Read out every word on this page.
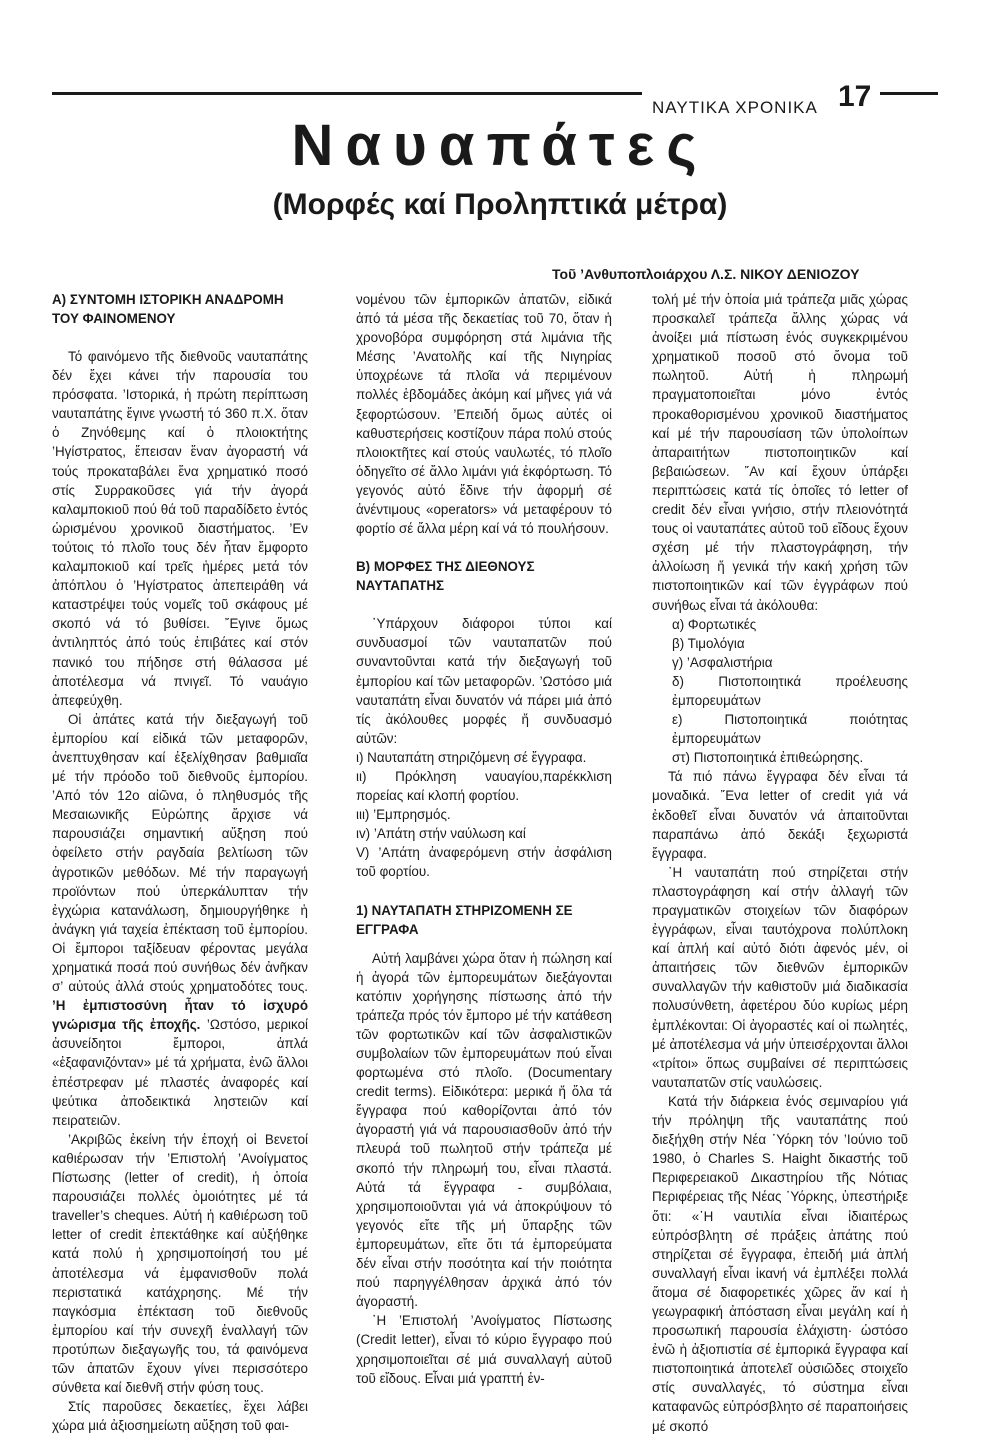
ΝΑΥΤΙΚΑ ΧΡΟΝΙΚΑ 17
Ναυαπάτες
(Μορφές καί Προληπτικά μέτρα)
Τοῦ ’Ανθυποπλοιάρχου Λ.Σ. ΝΙΚΟΥ ΔΕΝΙΟΖΟΥ
Α) ΣΥΝΤΟΜΗ ΙΣΤΟΡΙΚΗ ΑΝΑΔΡΟΜΗ ΤΟΥ ΦΑΙΝΟΜΕΝΟΥ

Τό φαινόμενο τῆς διεθνοῦς ναυταπάτης δέν ἔχει κάνει τήν παρουσία του πρόσφατα. ’Ιστορικά, ἡ πρώτη περίπτωση ναυταπάτης ἔγινε γνωστή τό 360 π.Χ. ὅταν ὁ Ζηνόθεμης καί ὁ πλοιοκτήτης ’Ηγίστρατος, ἔπεισαν ἕναν ἀγοραστή νά τούς προκαταβάλει ἕνα χρηματικό ποσό στίς Συρρακοῦσες γιά τήν ἀγορά καλαμποκιοῦ πού θά τοῦ παραδίδετο ἐντός ὡρισμένου χρονικοῦ διαστήματος. ’Εν τούτοις τό πλοῖο τους δέν ἦταν ἔμφορτο καλαμποκιοῦ καί τρεῖς ἡμέρες μετά τόν ἀπόπλου ὁ ’Ηγίστρατος ἀπεπειράθη νά καταστρέψει τούς νομεῖς τοῦ σκάφους μέ σκοπό νά τό βυθίσει. ῎Εγινε ὅμως ἀντιληπτός ἀπό τούς ἐπιβάτες καί στόν πανικό του πήδησε στή θάλασσα μέ ἀποτέλεσμα νά πνιγεῖ. Τό ναυάγιο ἀπεφεύχθη.

Οἱ ἀπάτες κατά τήν διεξαγωγή τοῦ ἐμπορίου καί εἰδικά τῶν μεταφορῶν, ἀνεπτυχθησαν καί ἐξελίχθησαν βαθμιαῖα μέ τήν πρόοδο τοῦ διεθνοῦς ἐμπορίου. ’Από τόν 12ο αἰῶνα, ὁ πληθυσμός τῆς Μεσαιωνικῆς Εὐρώπης ἄρχισε νά παρουσιάζει σημαντική αὔξηση πού ὀφείλετο στήν ραγδαία βελτίωση τῶν ἀγροτικῶν μεθόδων. Μέ τήν παραγωγή προϊόντων πού ὑπερκάλυπταν τήν ἐγχώρια κατανάλωση, δημιουργήθηκε ἡ ἀνάγκη γιά ταχεία ἐπέκταση τοῦ ἐμπορίου. Οἱ ἔμποροι ταξίδευαν φέροντας μεγάλα χρηματικά ποσά πού συνήθως δέν ἀνῆκαν σ’ αὐτούς ἀλλά στούς χρηματοδότες τους. ’Η ἐμπιστοσύνη ἦταν τό ἰσχυρό γνώρισμα τῆς ἐποχῆς. ’Ωστόσο, μερικοί ἀσυνείδητοι ἔμποροι, ἀπλά «ἐξαφανιζόνταν» μέ τά χρήματα, ἐνῶ ἄλλοι ἐπέστρεφαν μέ πλαστές ἀναφορές καί ψεύτικα ἀποδεικτικά ληστειῶν καί πειρατειῶν.

’Ακριβῶς ἐκείνη τήν ἐποχή οἱ Βενετοί καθιέρωσαν τήν ’Επιστολή ’Ανοίγματος Πίστωσης (letter of credit), ἡ ὁποία παρουσιάζει πολλές ὁμοιότητες μέ τά traveller’s cheques. Αὐτή ἡ καθιέρωση τοῦ letter of credit ἐπεκτάθηκε καί αὐξήθηκε κατά πολύ ἡ χρησιμοποίησή του μέ ἀποτέλεσμα νά ἐμφανισθοῦν πολά περιστατικά κατάχρησης. Μέ τήν παγκόσμια ἐπέκταση τοῦ διεθνοῦς ἐμπορίου καί τήν συνεχῆ ἐναλλαγή τῶν προτύπων διεξαγωγῆς του, τά φαινόμενα τῶν ἀπατῶν ἔχουν γίνει περισσότερο σύνθετα καί διεθνῆ στήν φύση τους.

Στίς παροῦσες δεκαετίες, ἔχει λάβει χώρα μιά ἀξιοσημείωτη αὔξηση τοῦ φαι-

νομένου τῶν ἐμπορικῶν ἀπατῶν, εἰδικά ἀπό τά μέσα τῆς δεκαετίας τοῦ 70, ὅταν ἡ χρονοβόρα συμφόρηση στά λιμάνια τῆς Μέσης ’Ανατολῆς καί τῆς Νιγηρίας ὑποχρέωνε τά πλοῖα νά περιμένουν πολλές ἑβδομάδες ἀκόμη καί μῆνες γιά νά ξεφορτώσουν. ’Επειδή ὅμως αὐτές οἱ καθυστερήσεις κοστίζουν πάρα πολύ στούς πλοιοκτῆτες καί στούς ναυλωτές, τό πλοῖο ὁδηγεῖτο σέ ἄλλο λιμάνι γιά ἐκφόρτωση. Τό γεγονός αὐτό ἔδινε τήν ἀφορμή σέ ἀνέντιμους «operators» νά μεταφέρουν τό φορτίο σέ ἄλλα μέρη καί νά τό πουλήσουν.

Β) ΜΟΡΦΕΣ ΤΗΣ ΔΙΕΘΝΟΥΣ ΝΑΥΤΑΠΑΤΗΣ

῾Υπάρχουν διάφοροι τύποι καί συνδυασμοί τῶν ναυταπατῶν πού συναντοῦνται κατά τήν διεξαγωγή τοῦ ἐμπορίου καί τῶν μεταφορῶν. ’Ωστόσο μιά ναυταπάτη εἶναι δυνατόν νά πάρει μιά ἀπό τίς ἀκόλουθες μορφές ἤ συνδυασμό αὐτῶν:

ι) Ναυταπάτη στηριζόμενη σέ ἔγγραφα.

ιι) Πρόκληση ναυαγίου,παρέκκλιση πορείας καί κλοπή φορτίου.

ιιι) ’Εμπρησμός.

ιv) ’Απάτη στήν ναύλωση καί

V) ’Απάτη ἀναφερόμενη στήν ἀσφάλιση τοῦ φορτίου.

1) ΝΑΥΤΑΠΑΤΗ ΣΤΗΡΙΖΟΜΕΝΗ ΣΕ ΕΓΓΡΑΦΑ

Αὐτή λαμβάνει χώρα ὅταν ἡ πώληση καί ἡ ἀγορά τῶν ἐμπορευμάτων διεξάγονται κατόπιν χορήγησης πίστωσης ἀπό τήν τράπεζα πρός τόν ἔμπορο μέ τήν κατάθεση τῶν φορτωτικῶν καί τῶν ἀσφαλιστικῶν συμβολαίων τῶν ἐμπορευμάτων πού εἶναι φορτωμένα στό πλοῖο. (Documentary credit terms). Εἰδικότερα: μερικά ἤ ὅλα τά ἔγγραφα πού καθορίζονται ἀπό τόν ἀγοραστή γιά νά παρουσιασθοῦν ἀπό τήν πλευρά τοῦ πωλητοῦ στήν τράπεζα μέ σκοπό τήν πληρωμή του, εἶναι πλαστά. Αὐτά τά ἔγγραφα - συμβόλαια, χρησιμοποιοῦνται γιά νά ἀποκρύψουν τό γεγονός εἴτε τῆς μή ὕπαρξης τῶν ἐμπορευμάτων, εἴτε ὅτι τά ἐμπορεύματα δέν εἶναι στήν ποσότητα καί τήν ποιότητα πού παρηγγέλθησαν ἀρχικά ἀπό τόν ἀγοραστή.

῾Η ’Επιστολή ’Ανοίγματος Πίστωσης (Credit letter), εἶναι τό κύριο ἔγγραφο πού χρησιμοποιεῖται σέ μιά συναλλαγή αὐτοῦ τοῦ εἴδους. Εἶναι μιά γραπτή ἐν-

τολή μέ τήν ὁποία μιά τράπεζα μιᾶς χώρας προσκαλεῖ τράπεζα ἄλλης χώρας νά ἀνοίξει μιά πίστωση ἑνός συγκεκριμένου χρηματικοῦ ποσοῦ στό ὄνομα τοῦ πωλητοῦ. Αὐτή ἡ πληρωμή πραγματοποιεῖται μόνο ἐντός προκαθορισμένου χρονικοῦ διαστήματος καί μέ τήν παρουσίαση τῶν ὑπολοίπων ἀπαραιτήτων πιστοποιητικῶν καί βεβαιώσεων. ῎Αν καί ἔχουν ὑπάρξει περιπτώσεις κατά τίς ὁποῖες τό letter of credit δέν εἶναι γνήσιο, στήν πλειονότητά τους οἱ ναυταπάτες αὐτοῦ τοῦ εἴδους ἔχουν σχέση μέ τήν πλαστογράφηση, τήν ἀλλοίωση ἤ γενικά τήν κακή χρήση τῶν πιστοποιητικῶν καί τῶν ἐγγράφων πού συνήθως εἶναι τά ἀκόλουθα:

α) Φορτωτικές

β) Τιμολόγια

γ) ’Ασφαλιστήρια

δ) Πιστοποιητικά προέλευσης ἐμπορευμάτων

ε) Πιστοποιητικά ποιότητας ἐμπορευμάτων

στ) Πιστοποιητικά ἐπιθεώρησης.

Τά πιό πάνω ἔγγραφα δέν εἶναι τά μοναδικά. ῎Ενα letter of credit γιά νά ἐκδοθεῖ εἶναι δυνατόν νά ἀπαιτοῦνται παραπάνω ἀπό δεκάξι ξεχωριστά ἔγγραφα.

῾Η ναυταπάτη πού στηρίζεται στήν πλαστογράφηση καί στήν ἀλλαγή τῶν πραγματικῶν στοιχείων τῶν διαφόρων ἐγγράφων, εἶναι ταυτόχρονα πολύπλοκη καί ἁπλή καί αὐτό διότι ἀφενός μέν, οἱ ἀπαιτήσεις τῶν διεθνῶν ἐμπορικῶν συναλλαγῶν τήν καθιστοῦν μιά διαδικασία πολυσύνθετη, ἀφετέρου δύο κυρίως μέρη ἐμπλέκονται: Οἱ ἀγοραστές καί οἱ πωλητές, μέ ἀποτέλεσμα νά μήν ὑπεισέρχονται ἄλλοι «τρίτοι» ὅπως συμβαίνει σέ περιπτώσεις ναυταπατῶν στίς ναυλώσεις.

Κατά τήν διάρκεια ἑνός σεμιναρίου γιά τήν πρόληψη τῆς ναυταπάτης πού διεξήχθη στήν Νέα ῾Υόρκη τόν ’Ιούνιο τοῦ 1980, ὁ Charles S. Haight δικαστής τοῦ Περιφερειακοῦ Δικαστηρίου τῆς Νότιας Περιφέρειας τῆς Νέας ῾Υόρκης, ὑπεστήριξε ὅτι: «῾Η ναυτιλία εἶναι ἰδιαιτέρως εὐπρόσβλητη σέ πράξεις ἀπάτης πού στηρίζεται σέ ἔγγραφα, ἐπειδή μιά ἁπλή συναλλαγή εἶναι ἱκανή νά ἐμπλέξει πολλά ἄτομα σέ διαφορετικές χῶρες ἄν καί ἡ γεωγραφική ἀπόσταση εἶναι μεγάλη καί ἡ προσωπική παρουσία ἐλάχιστη· ὡστόσο ἐνῶ ἡ ἀξιοπιστία σέ ἐμπορικά ἔγγραφα καί πιστοποιητικά ἀποτελεῖ οὐσιῶδες στοιχεῖο στίς συναλλαγές, τό σύστημα εἶναι καταφανῶς εὐπρόσβλητο σέ παραποιήσεις μέ σκοπό
